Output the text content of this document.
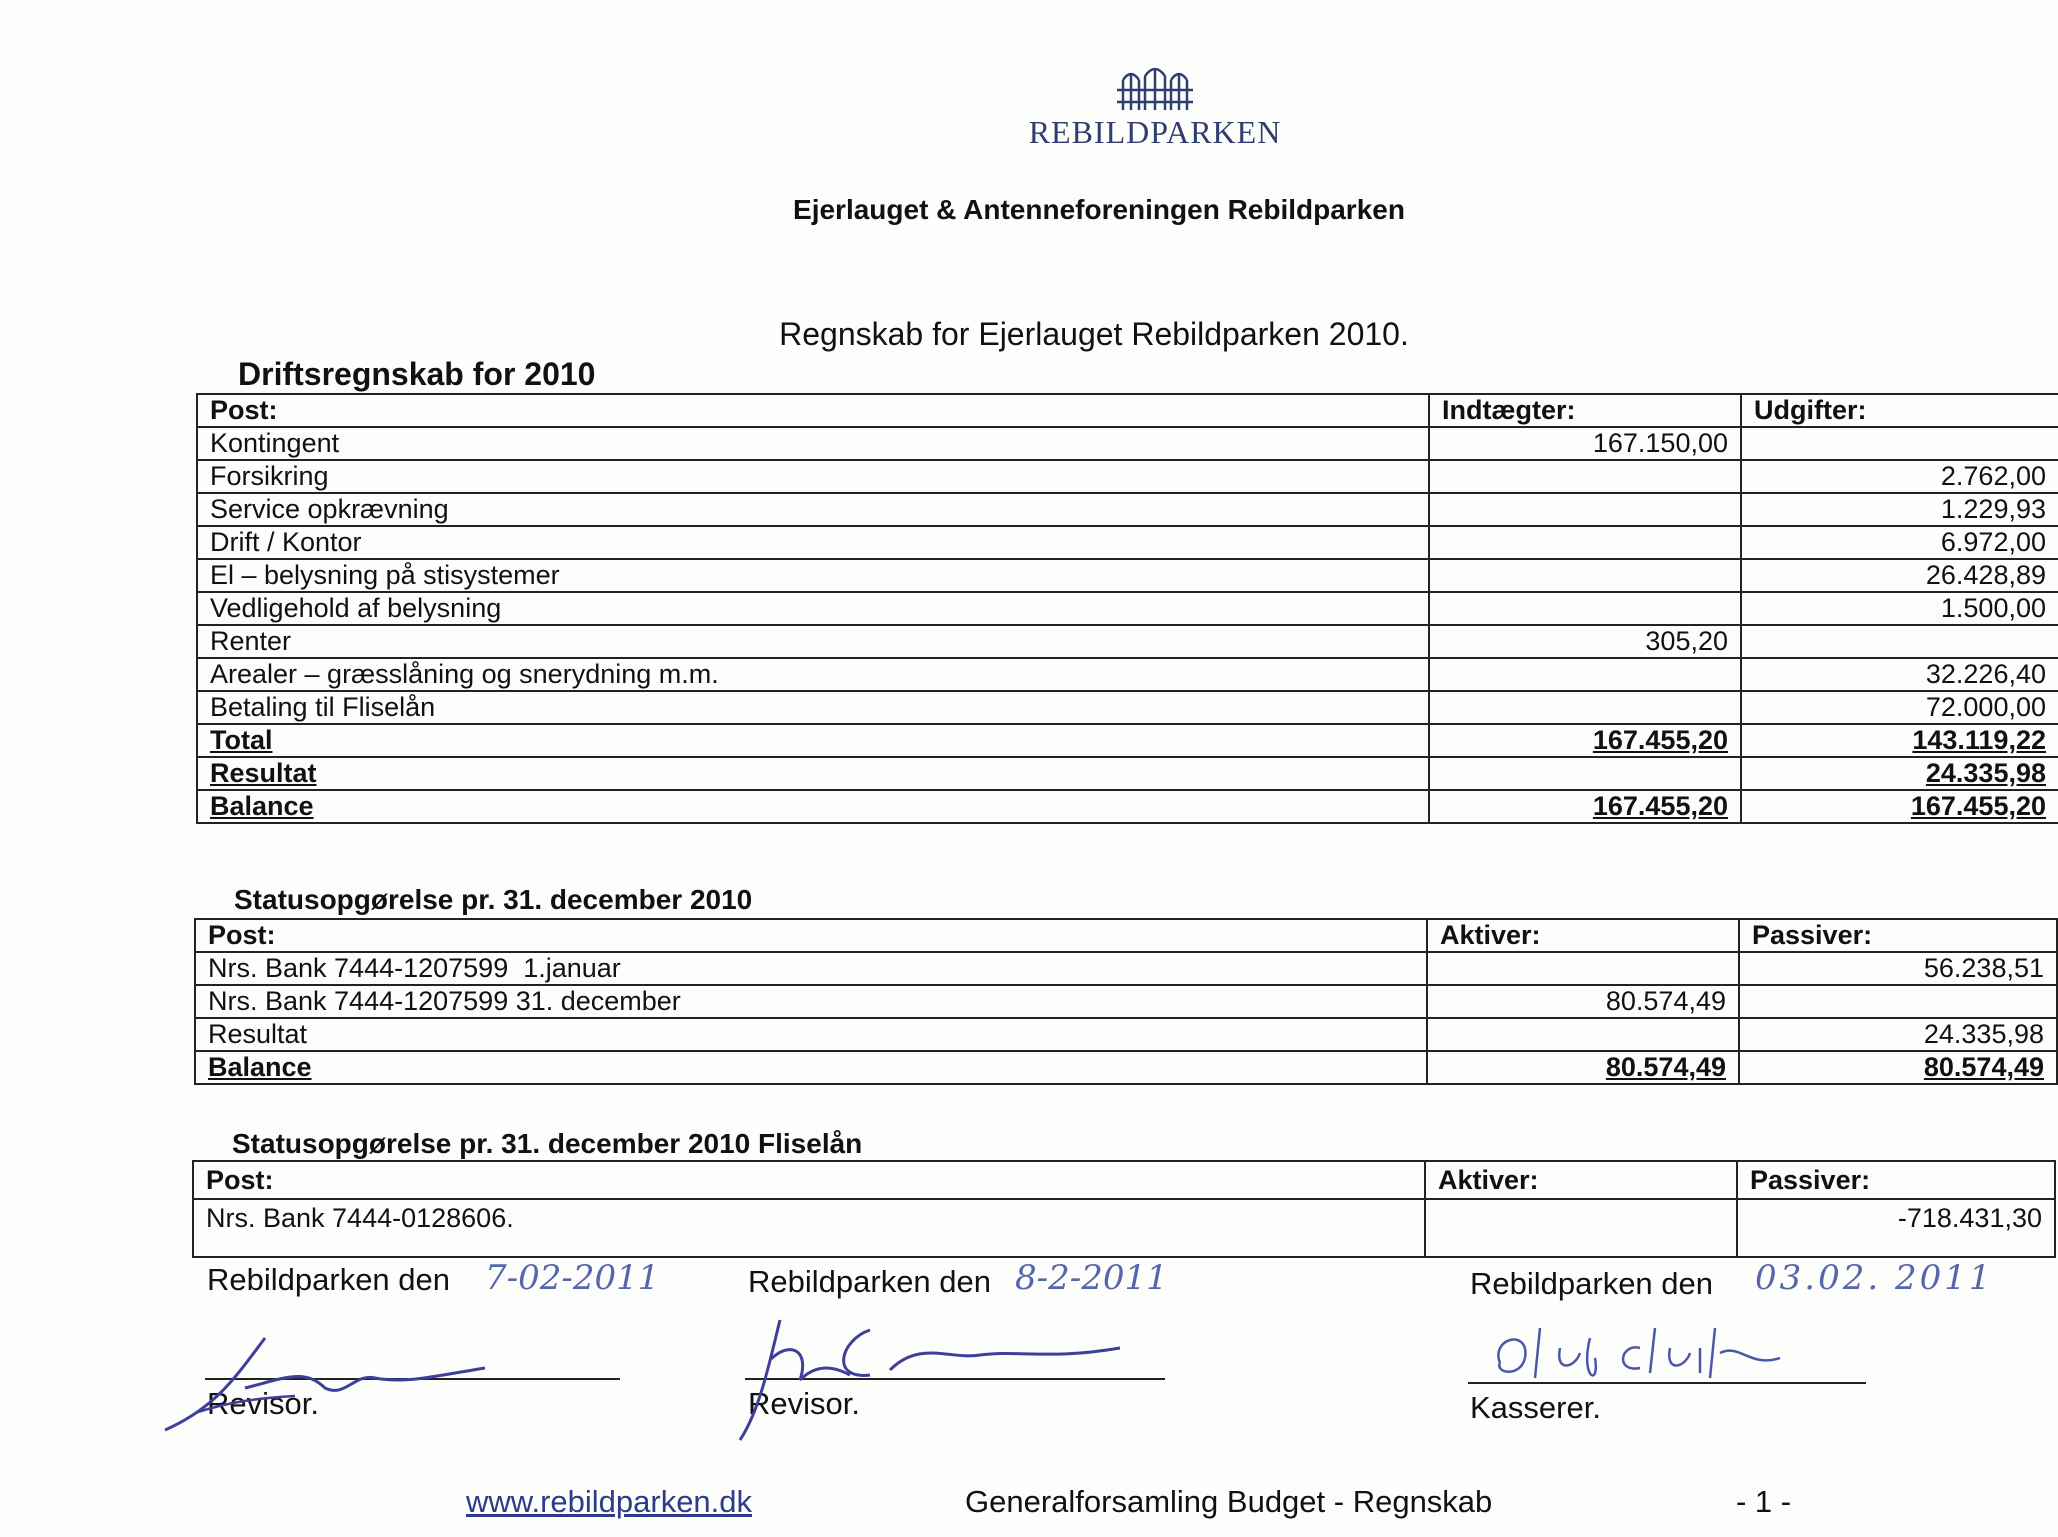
REBILDPARKEN
Ejerlauget & Antenneforeningen Rebildparken
Regnskab for Ejerlauget Rebildparken 2010.
Driftsregnskab for 2010
Post:	Indtægter:	Udgifter:
Kontingent	167.150,00	
Forsikring		2.762,00
Service opkrævning		1.229,93
Drift / Kontor		6.972,00
El – belysning på stisystemer		26.428,89
Vedligehold af belysning		1.500,00
Renter	305,20	
Arealer – græsslåning og snerydning m.m.		32.226,40
Betaling til Fliselån		72.000,00
Total	167.455,20	143.119,22
Resultat		24.335,98
Balance	167.455,20	167.455,20
Statusopgørelse pr. 31. december 2010
Post:	Aktiver:	Passiver:
Nrs. Bank 7444-1207599  1.januar		56.238,51
Nrs. Bank 7444-1207599 31. december	80.574,49	
Resultat		24.335,98
Balance	80.574,49	80.574,49
Statusopgørelse pr. 31. december 2010 Fliselån
Post:	Aktiver:	Passiver:
Nrs. Bank 7444-0128606.		-718.431,30
Rebildparken den 7-02-2011
Revisor.
Rebildparken den 8-2-2011
Revisor.
Rebildparken den 03.02. 2011
Kasserer.
www.rebildparken.dk	Generalforsamling Budget - Regnskab	- 1 -
